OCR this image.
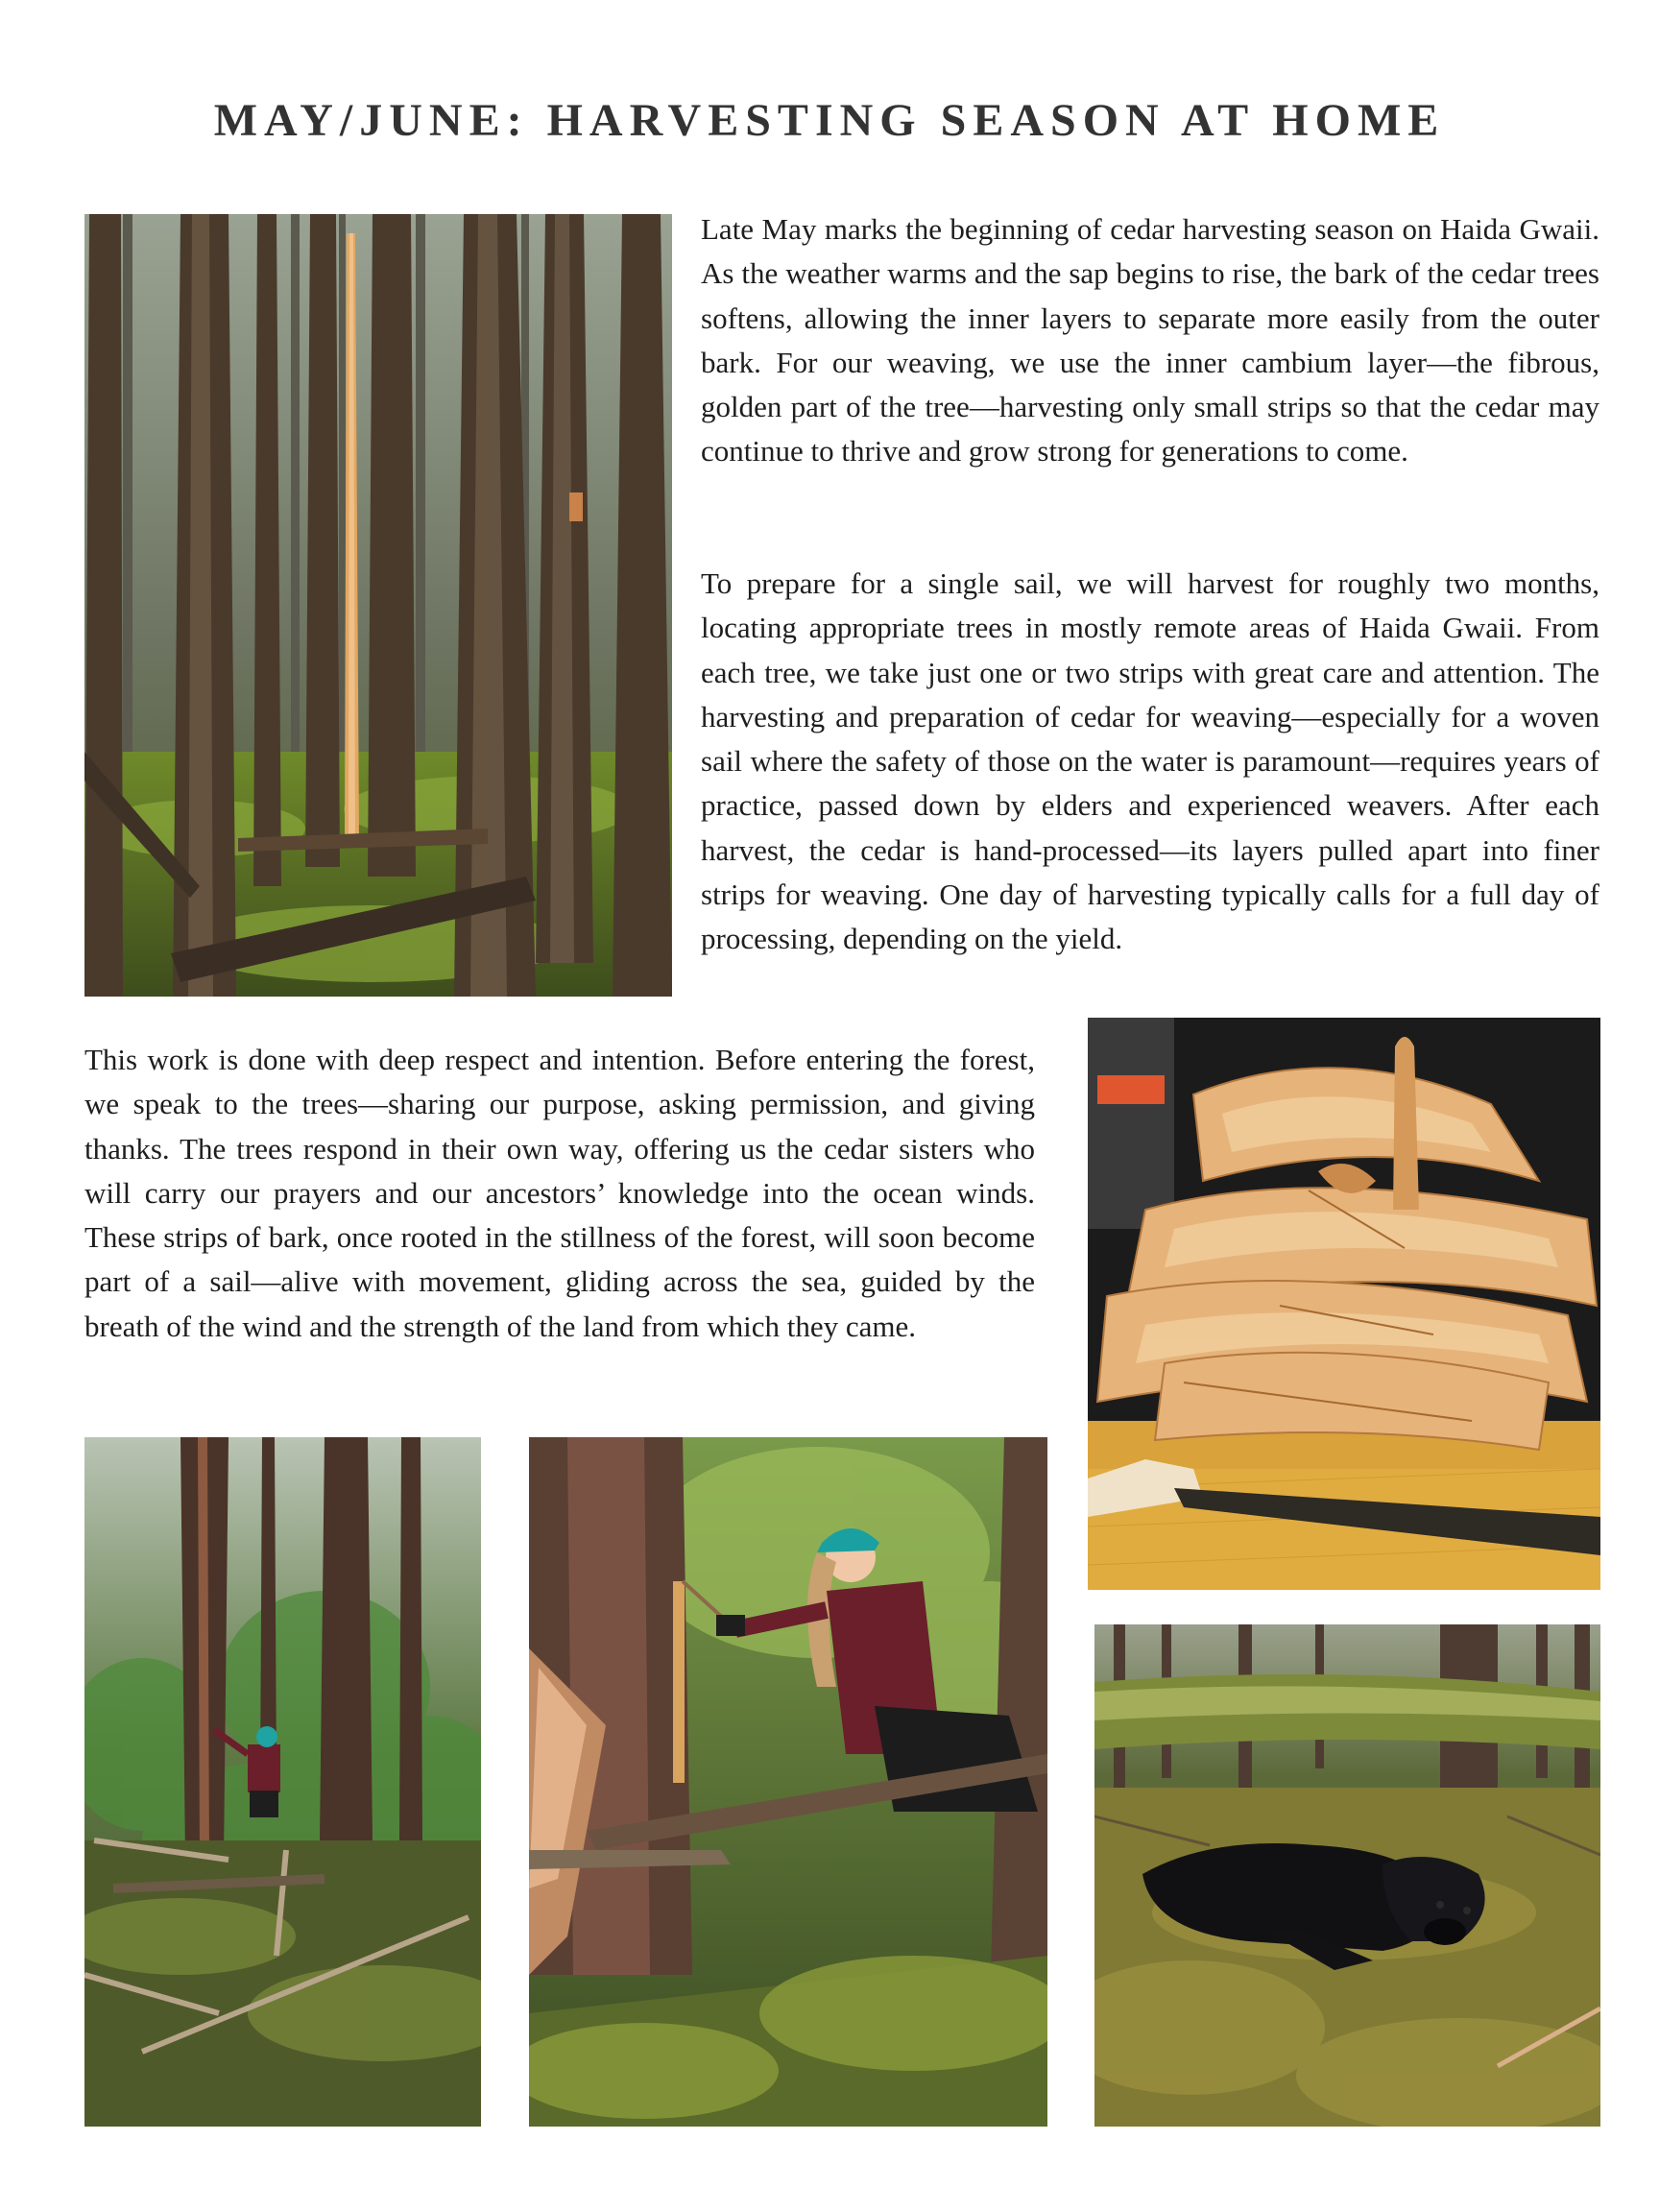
MAY/JUNE: HARVESTING SEASON AT HOME

Late May marks the beginning of cedar harvesting season on Haida Gwaii. As the weather warms and the sap begins to rise, the bark of the cedar trees softens, allowing the inner layers to separate more easily from the outer bark. For our weaving, we use the inner cambium layer—the fibrous, golden part of the tree—harvesting only small strips so that the cedar may continue to thrive and grow strong for generations to come.

To prepare for a single sail, we will harvest for roughly two months, locating appropriate trees in mostly remote areas of Haida Gwaii. From each tree, we take just one or two strips with great care and attention. The harvesting and preparation of cedar for weaving—especially for a woven sail where the safety of those on the water is paramount—requires years of practice, passed down by elders and experienced weavers. After each harvest, the cedar is hand-processed—its layers pulled apart into finer strips for weaving. One day of harvesting typically calls for a full day of processing, depending on the yield.

This work is done with deep respect and intention. Before entering the forest, we speak to the trees—sharing our purpose, asking permission, and giving thanks. The trees respond in their own way, offering us the cedar sisters who will carry our prayers and our ancestors’ knowledge into the ocean winds. These strips of bark, once rooted in the stillness of the forest, will soon become part of a sail—alive with movement, gliding across the sea, guided by the breath of the wind and the strength of the land from which they came.
